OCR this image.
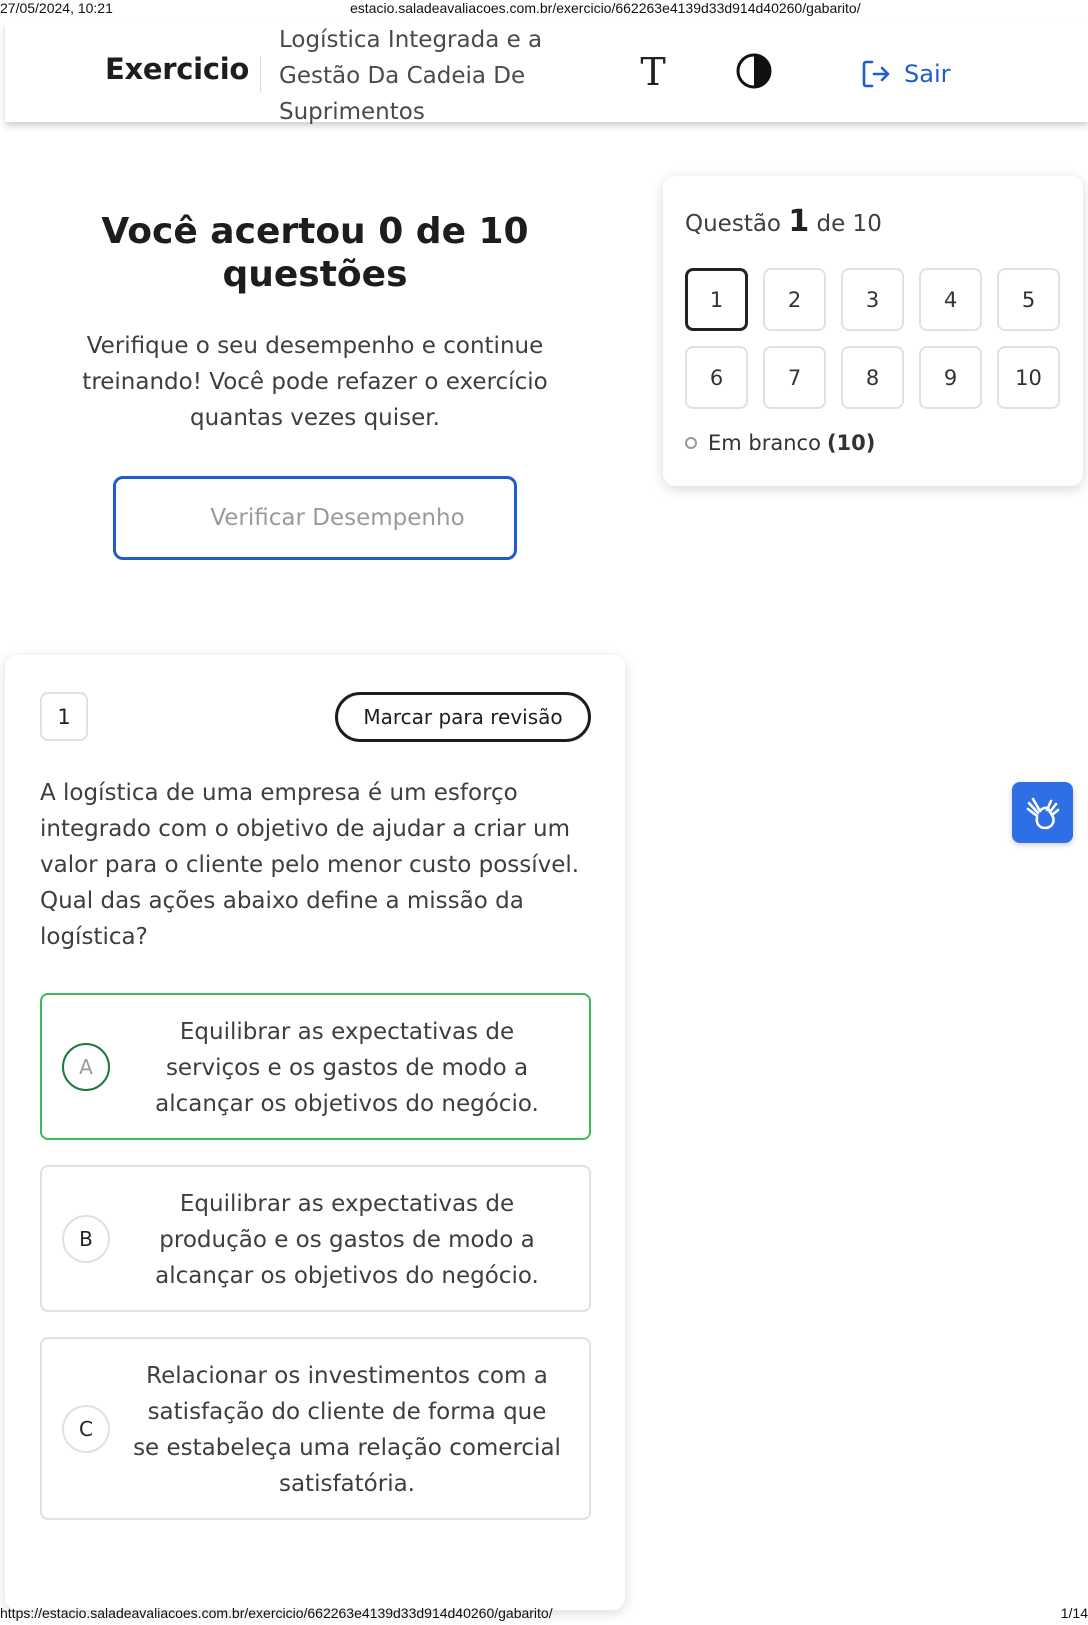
27/05/2024, 10:21	estacio.saladeavaliacoes.com.br/exercicio/662263e4139d33d914d40260/gabarito/
Exercicio
Logística Integrada e a Gestão Da Cadeia De Suprimentos
T	Sair
Você acertou 0 de 10 questões
Verifique o seu desempenho e continue treinando! Você pode refazer o exercício quantas vezes quiser.
Verificar Desempenho
Questão 1 de 10
1	2	3	4	5
6	7	8	9	10
Em branco (10)
1	Marcar para revisão
A logística de uma empresa é um esforço integrado com o objetivo de ajudar a criar um valor para o cliente pelo menor custo possível. Qual das ações abaixo define a missão da logística?
A
Equilibrar as expectativas de serviços e os gastos de modo a alcançar os objetivos do negócio.
B
Equilibrar as expectativas de produção e os gastos de modo a alcançar os objetivos do negócio.
C
Relacionar os investimentos com a satisfação do cliente de forma que se estabeleça uma relação comercial satisfatória.
https://estacio.saladeavaliacoes.com.br/exercicio/662263e4139d33d914d40260/gabarito/	1/14
